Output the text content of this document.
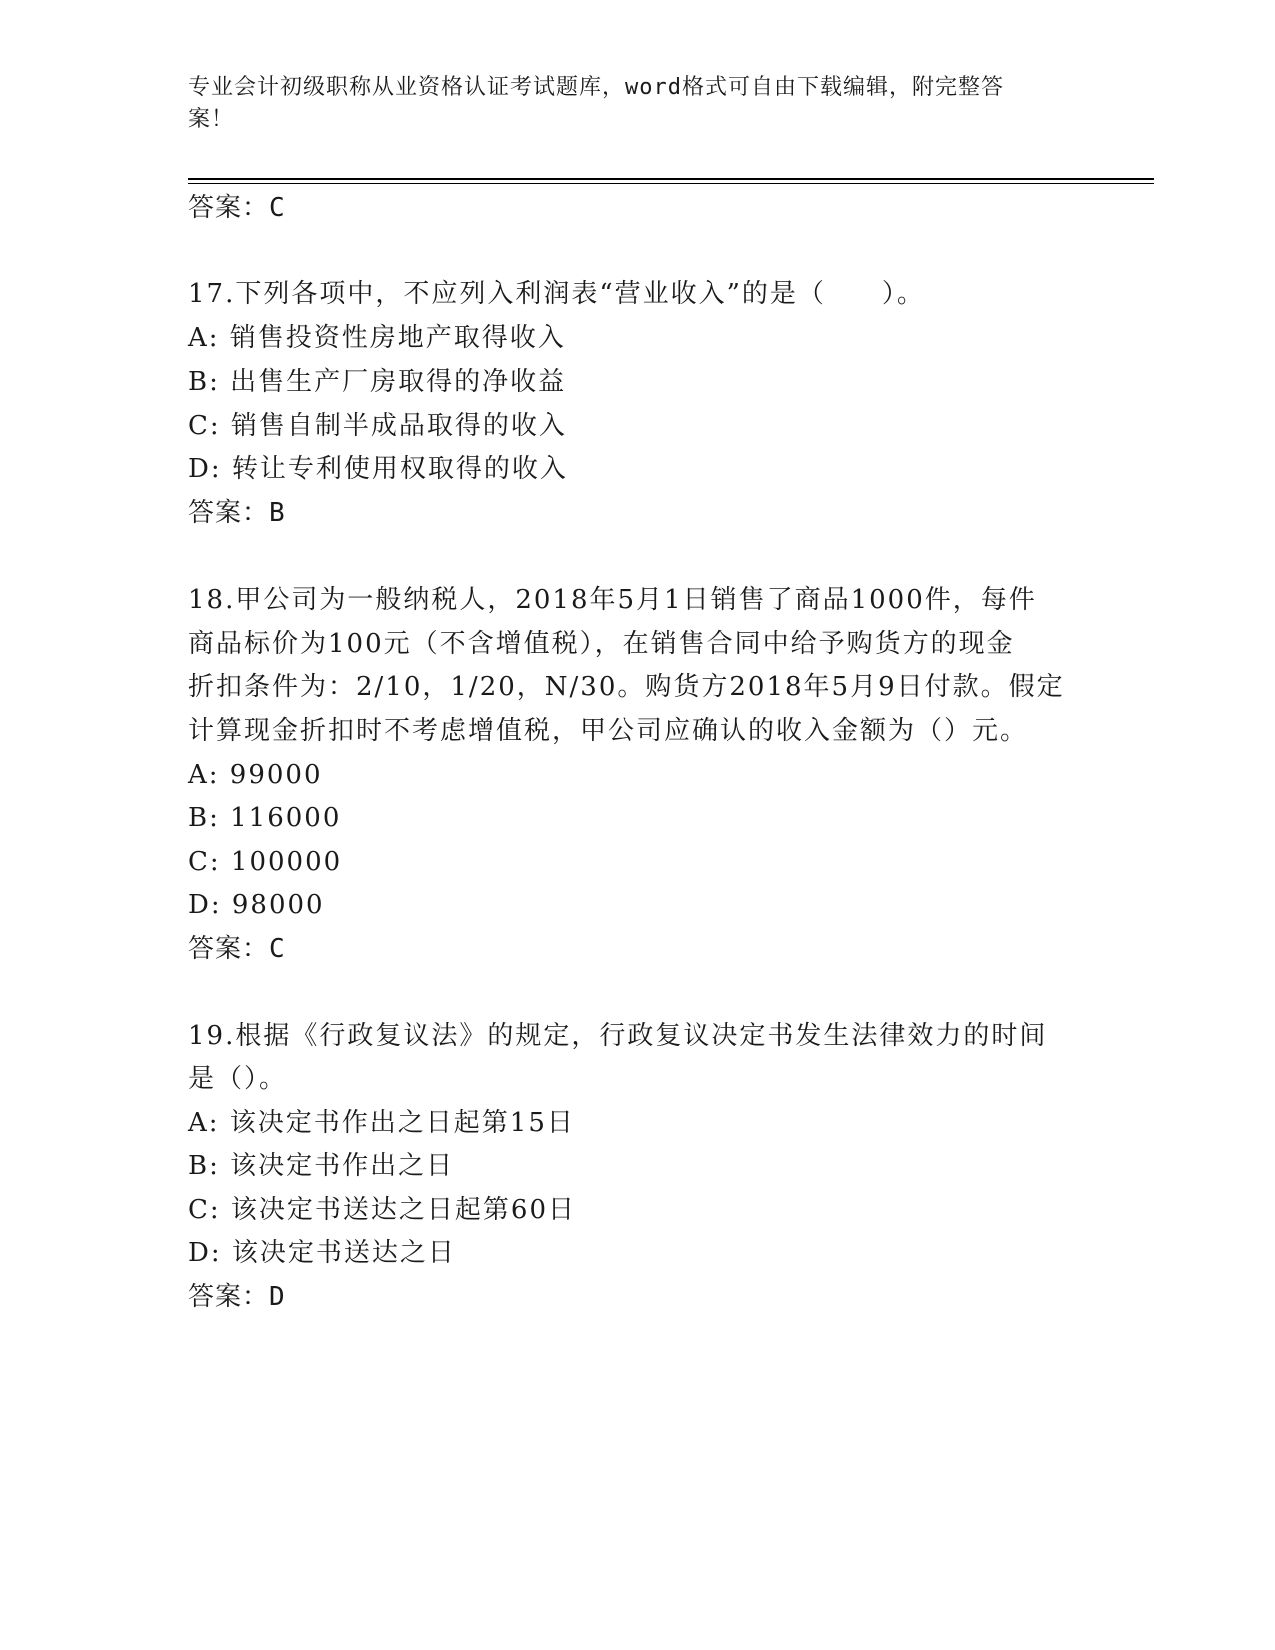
专业会计初级职称从业资格认证考试题库，word格式可自由下载编辑，附完整答
案！
答案：C
17.下列各项中，不应列入利润表“营业收入”的是（　　）。
A: 销售投资性房地产取得收入
B: 出售生产厂房取得的净收益
C: 销售自制半成品取得的收入
D: 转让专利使用权取得的收入
答案：B
18.甲公司为一般纳税人，2018年5月1日销售了商品1000件，每件
商品标价为100元（不含增值税），在销售合同中给予购货方的现金
折扣条件为：2/10，1/20，N/30。购货方2018年5月9日付款。假定
计算现金折扣时不考虑增值税，甲公司应确认的收入金额为（）元。
A: 99000
B: 116000
C: 100000
D: 98000
答案：C
19.根据《行政复议法》的规定，行政复议决定书发生法律效力的时间
是（）。
A: 该决定书作出之日起第15日
B: 该决定书作出之日
C: 该决定书送达之日起第60日
D: 该决定书送达之日
答案：D
